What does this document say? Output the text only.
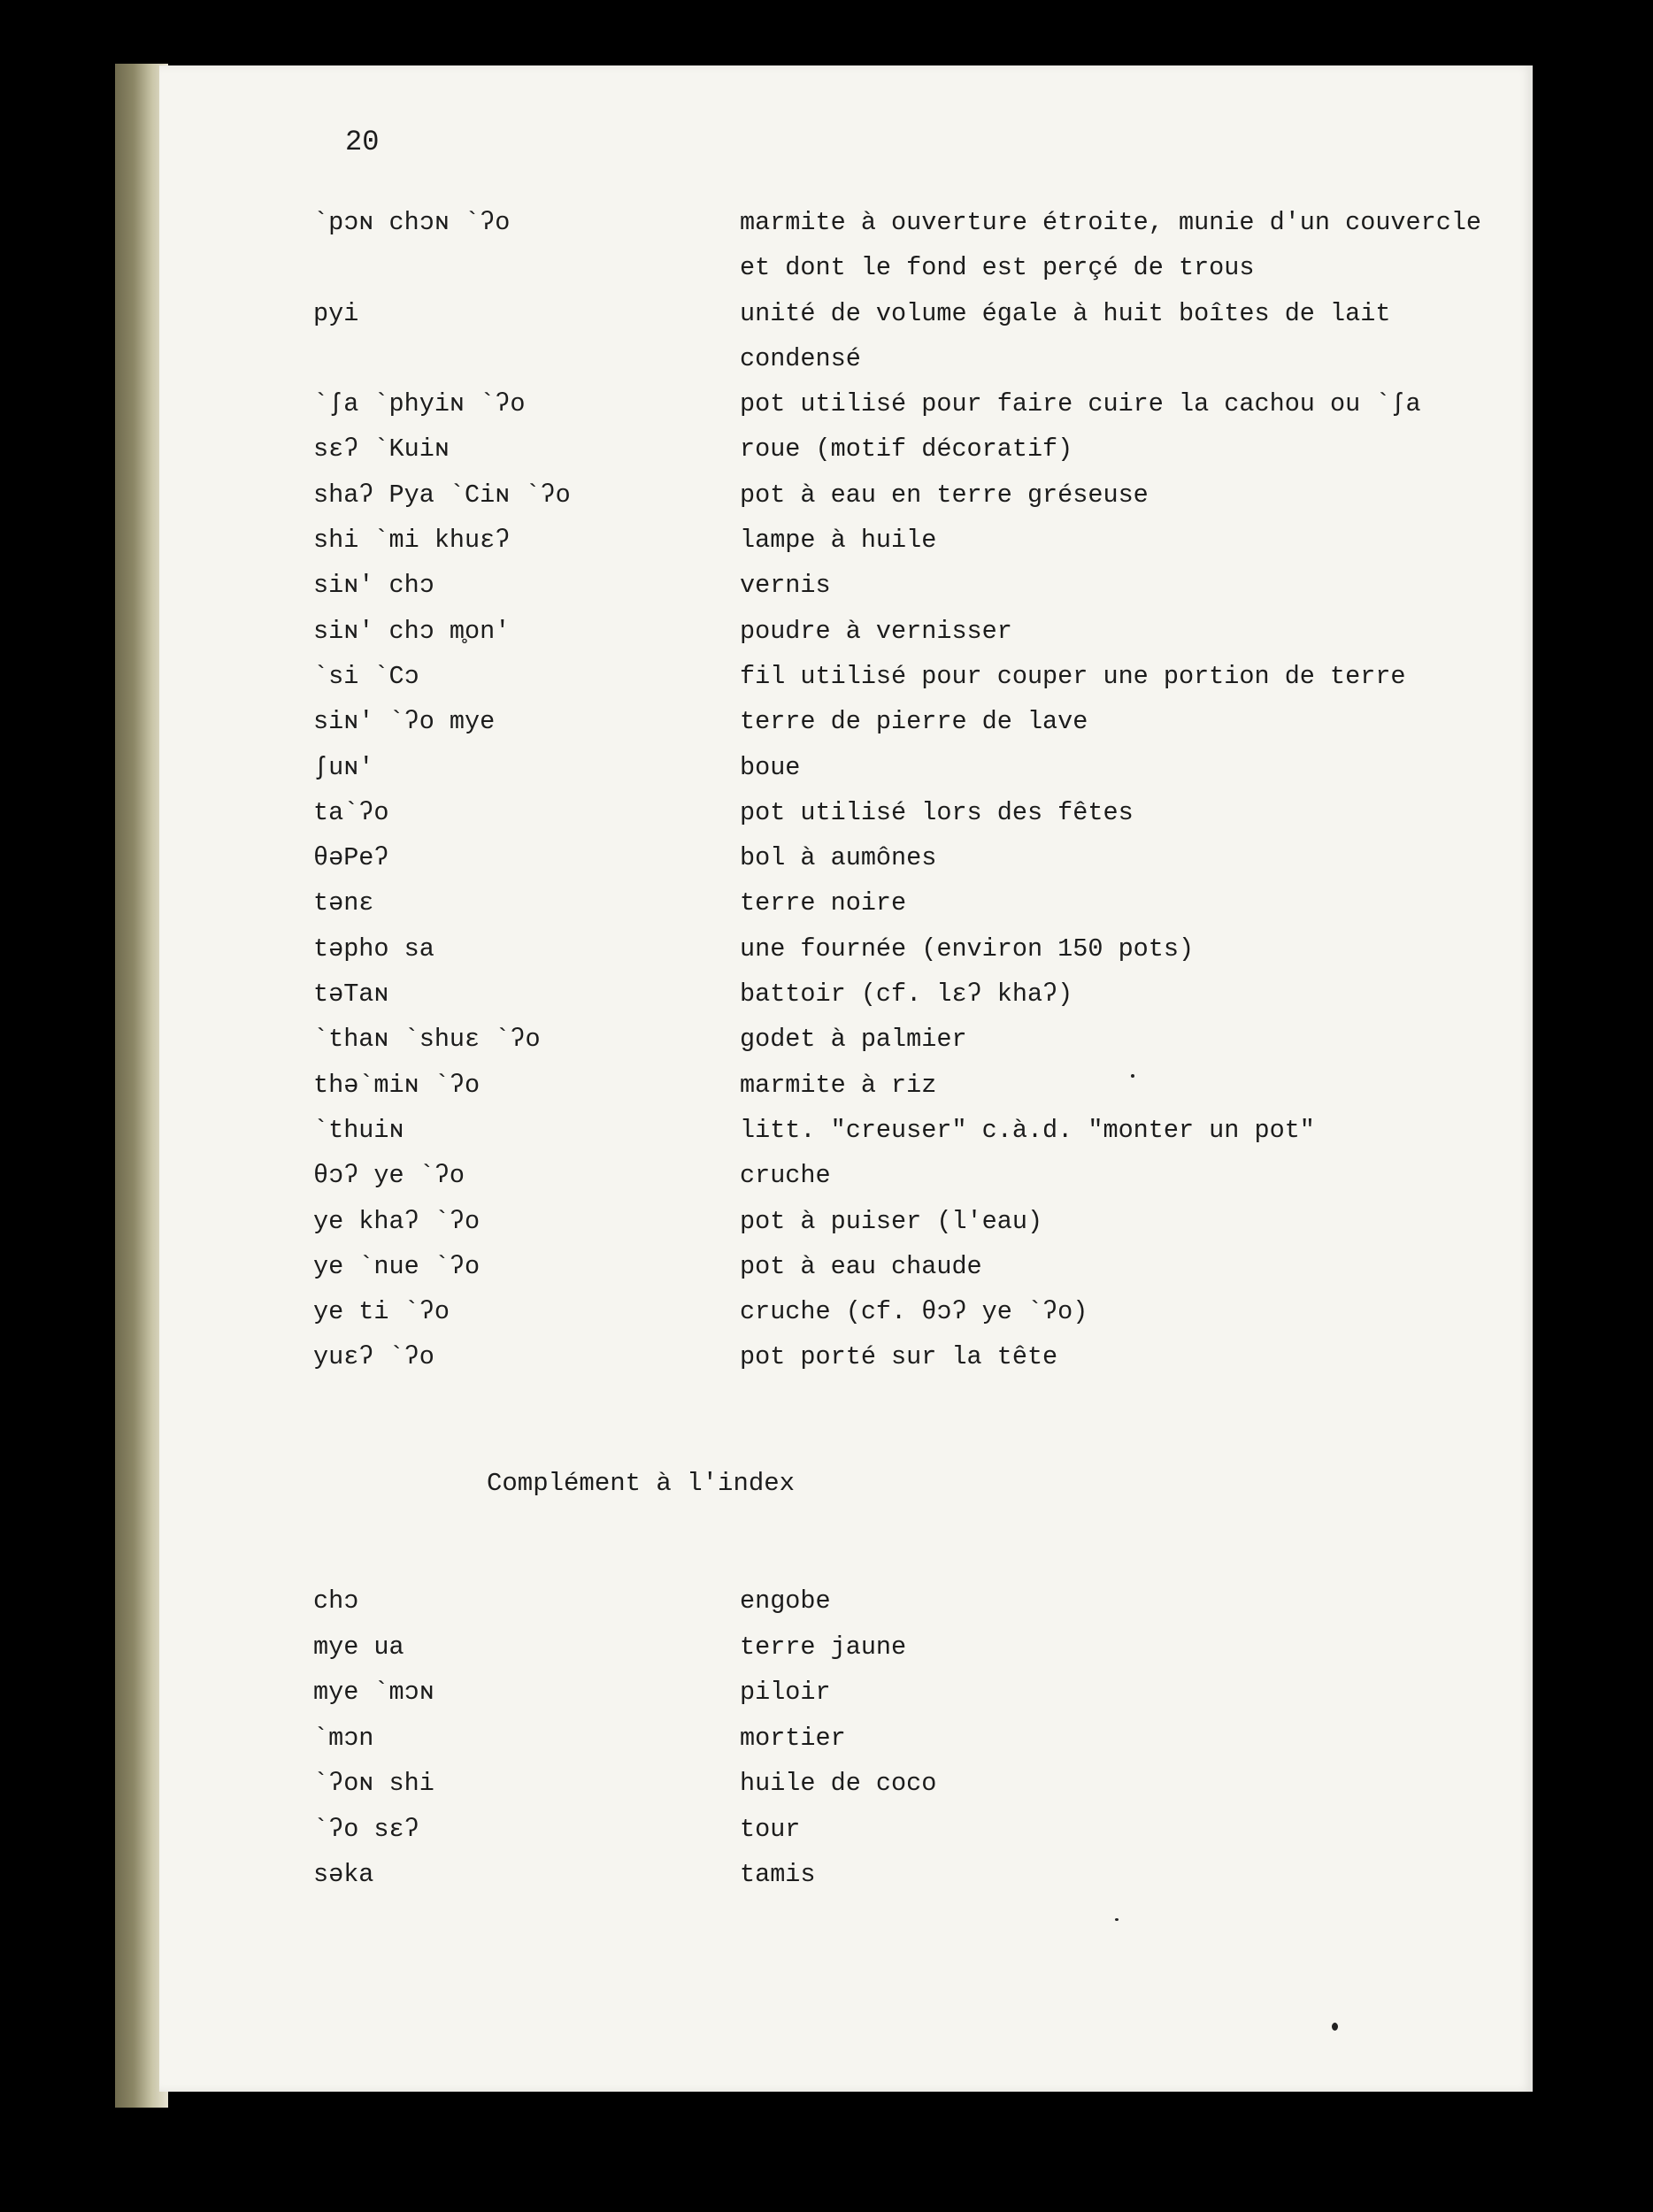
20
`pɔɴ chɔɴ `ʔo	marmite à ouverture étroite, munie d'un couvercle et dont le fond est perçé de trous
pyi	unité de volume égale à huit boîtes de lait condensé
`ʃa `phyiɴ `ʔo	pot utilisé pour faire cuire la cachou ou `ʃa
sɛʔ `Kuiɴ	roue (motif décoratif)
shaʔ Pya `Ciɴ `ʔo	pot à eau en terre gréseuse
shi `mi khuɛʔ	lampe à huile
siɴ′ chɔ	vernis
siɴ′ chɔ m̥on′	poudre à vernisser
`si `Cɔ	fil utilisé pour couper une portion de terre
siɴ′ `ʔo mye	terre de pierre de lave
ʃuɴ′	boue
ta`ʔo	pot utilisé lors des fêtes
θəPeʔ	bol à aumônes
tənɛ	terre noire
təpho sa	une fournée (environ 150 pots)
təTaɴ	battoir (cf. lɛʔ khaʔ)
`thaɴ `shuɛ `ʔo	godet à palmier
thə`miɴ `ʔo	marmite à riz
`thuiɴ	litt. "creuser" c.à.d. "monter un pot"
θɔʔ ye `ʔo	cruche
ye khaʔ `ʔo	pot à puiser (l'eau)
ye `nue `ʔo	pot à eau chaude
ye ti `ʔo	cruche (cf. θɔʔ ye `ʔo)
yuɛʔ `ʔo	pot porté sur la tête
Complément à l'index
chɔ	engobe
mye ua	terre jaune
mye `mɔɴ	piloir
`mɔn	mortier
`ʔoɴ shi	huile de coco
`ʔo sɛʔ	tour
səka	tamis
